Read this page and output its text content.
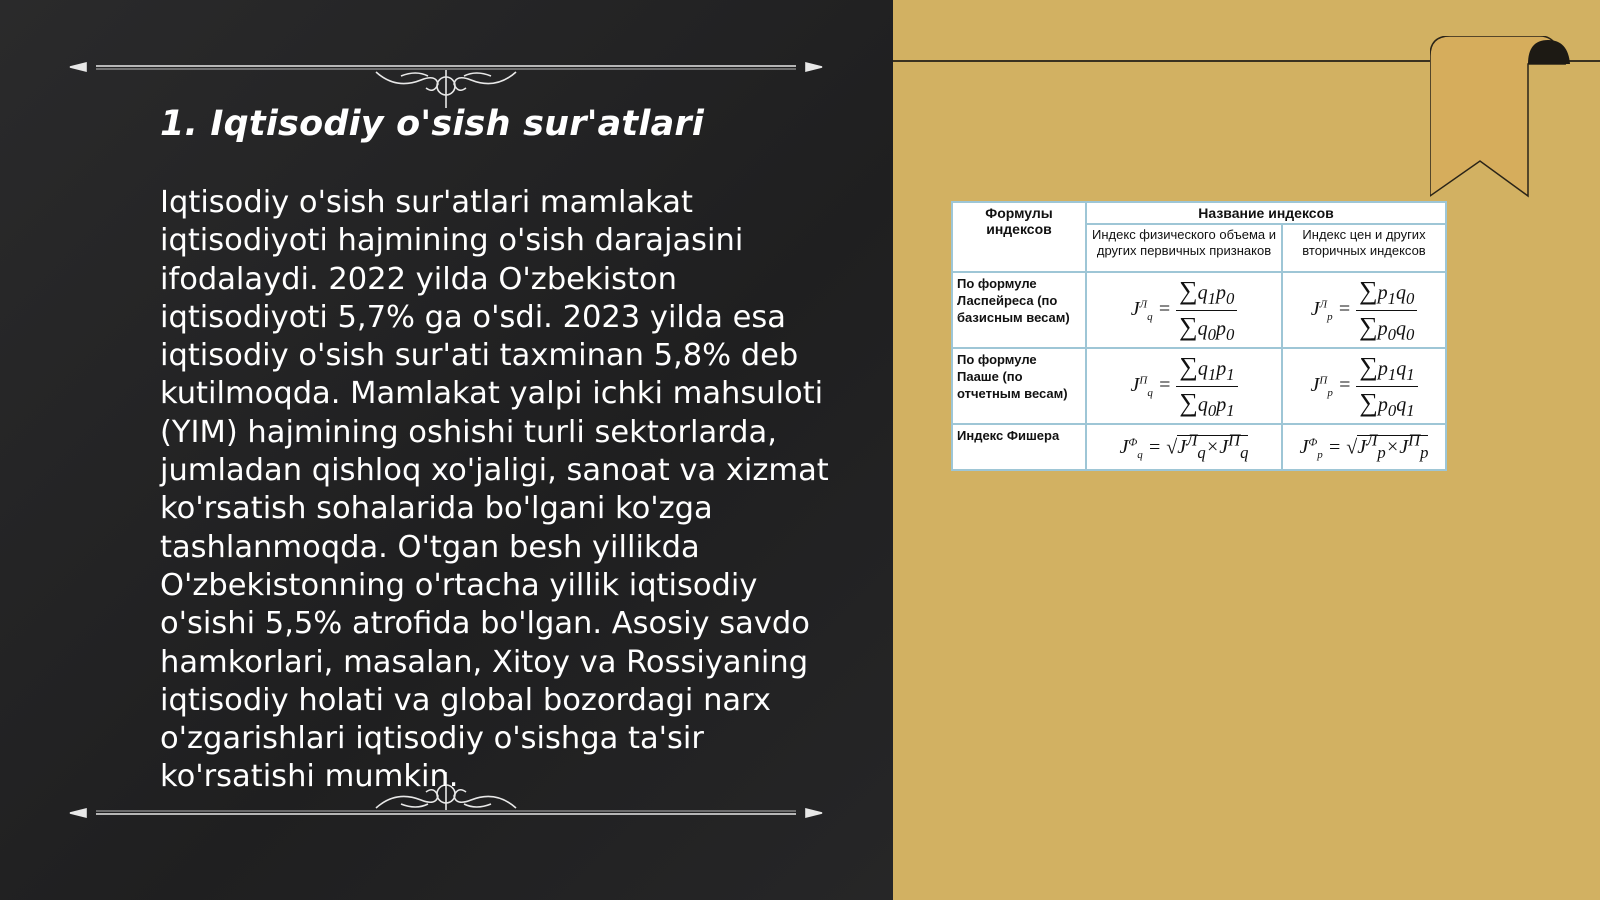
1. Iqtisodiy o'sish sur'atlari

Iqtisodiy o'sish sur'atlari mamlakat iqtisodiyoti hajmining o'sish darajasini ifodalaydi. 2022 yilda O'zbekiston iqtisodiyoti 5,7% ga o'sdi. 2023 yilda esa iqtisodiy o'sish sur'ati taxminan 5,8% deb kutilmoqda. Mamlakat yalpi ichki mahsuloti (YIM) hajmining oshishi turli sektorlarda, jumladan qishloq xo'jaligi, sanoat va xizmat ko'rsatish sohalarida bo'lgani ko'zga tashlanmoqda. O'tgan besh yillikda O'zbekistonning o'rtacha yillik iqtisodiy o'sishi 5,5% atrofida bo'lgan. Asosiy savdo hamkorlari, masalan, Xitoy va Rossiyaning iqtisodiy holati va global bozordagi narx o'zgarishlari iqtisodiy o'sishga ta'sir ko'rsatishi mumkin.

Формулы индексов	Название индексов	
	Индекс физического объема и других первичных признаков	Индекс цен и других вторичных индексов
По формуле Ласпейреса (по базисным весам)	$J^Л_q = \frac{\sum q_1p_0}{\sum q_0p_0}$	$J^Л_p = \frac{\sum p_1q_0}{\sum p_0q_0}$

По формуле Пааше (по отчетным весам)	$J^П_q = \frac{\sum q_1p_1}{\sum q_0p_1}$	$J^П_p = \frac{\sum p_1q_1}{\sum p_0q_1}$

Индекс Фишера	$J^Ф_q = √J^Л_q\times J^П_q$	$J^Ф_p = √J^Л_p\times J^П_p$
